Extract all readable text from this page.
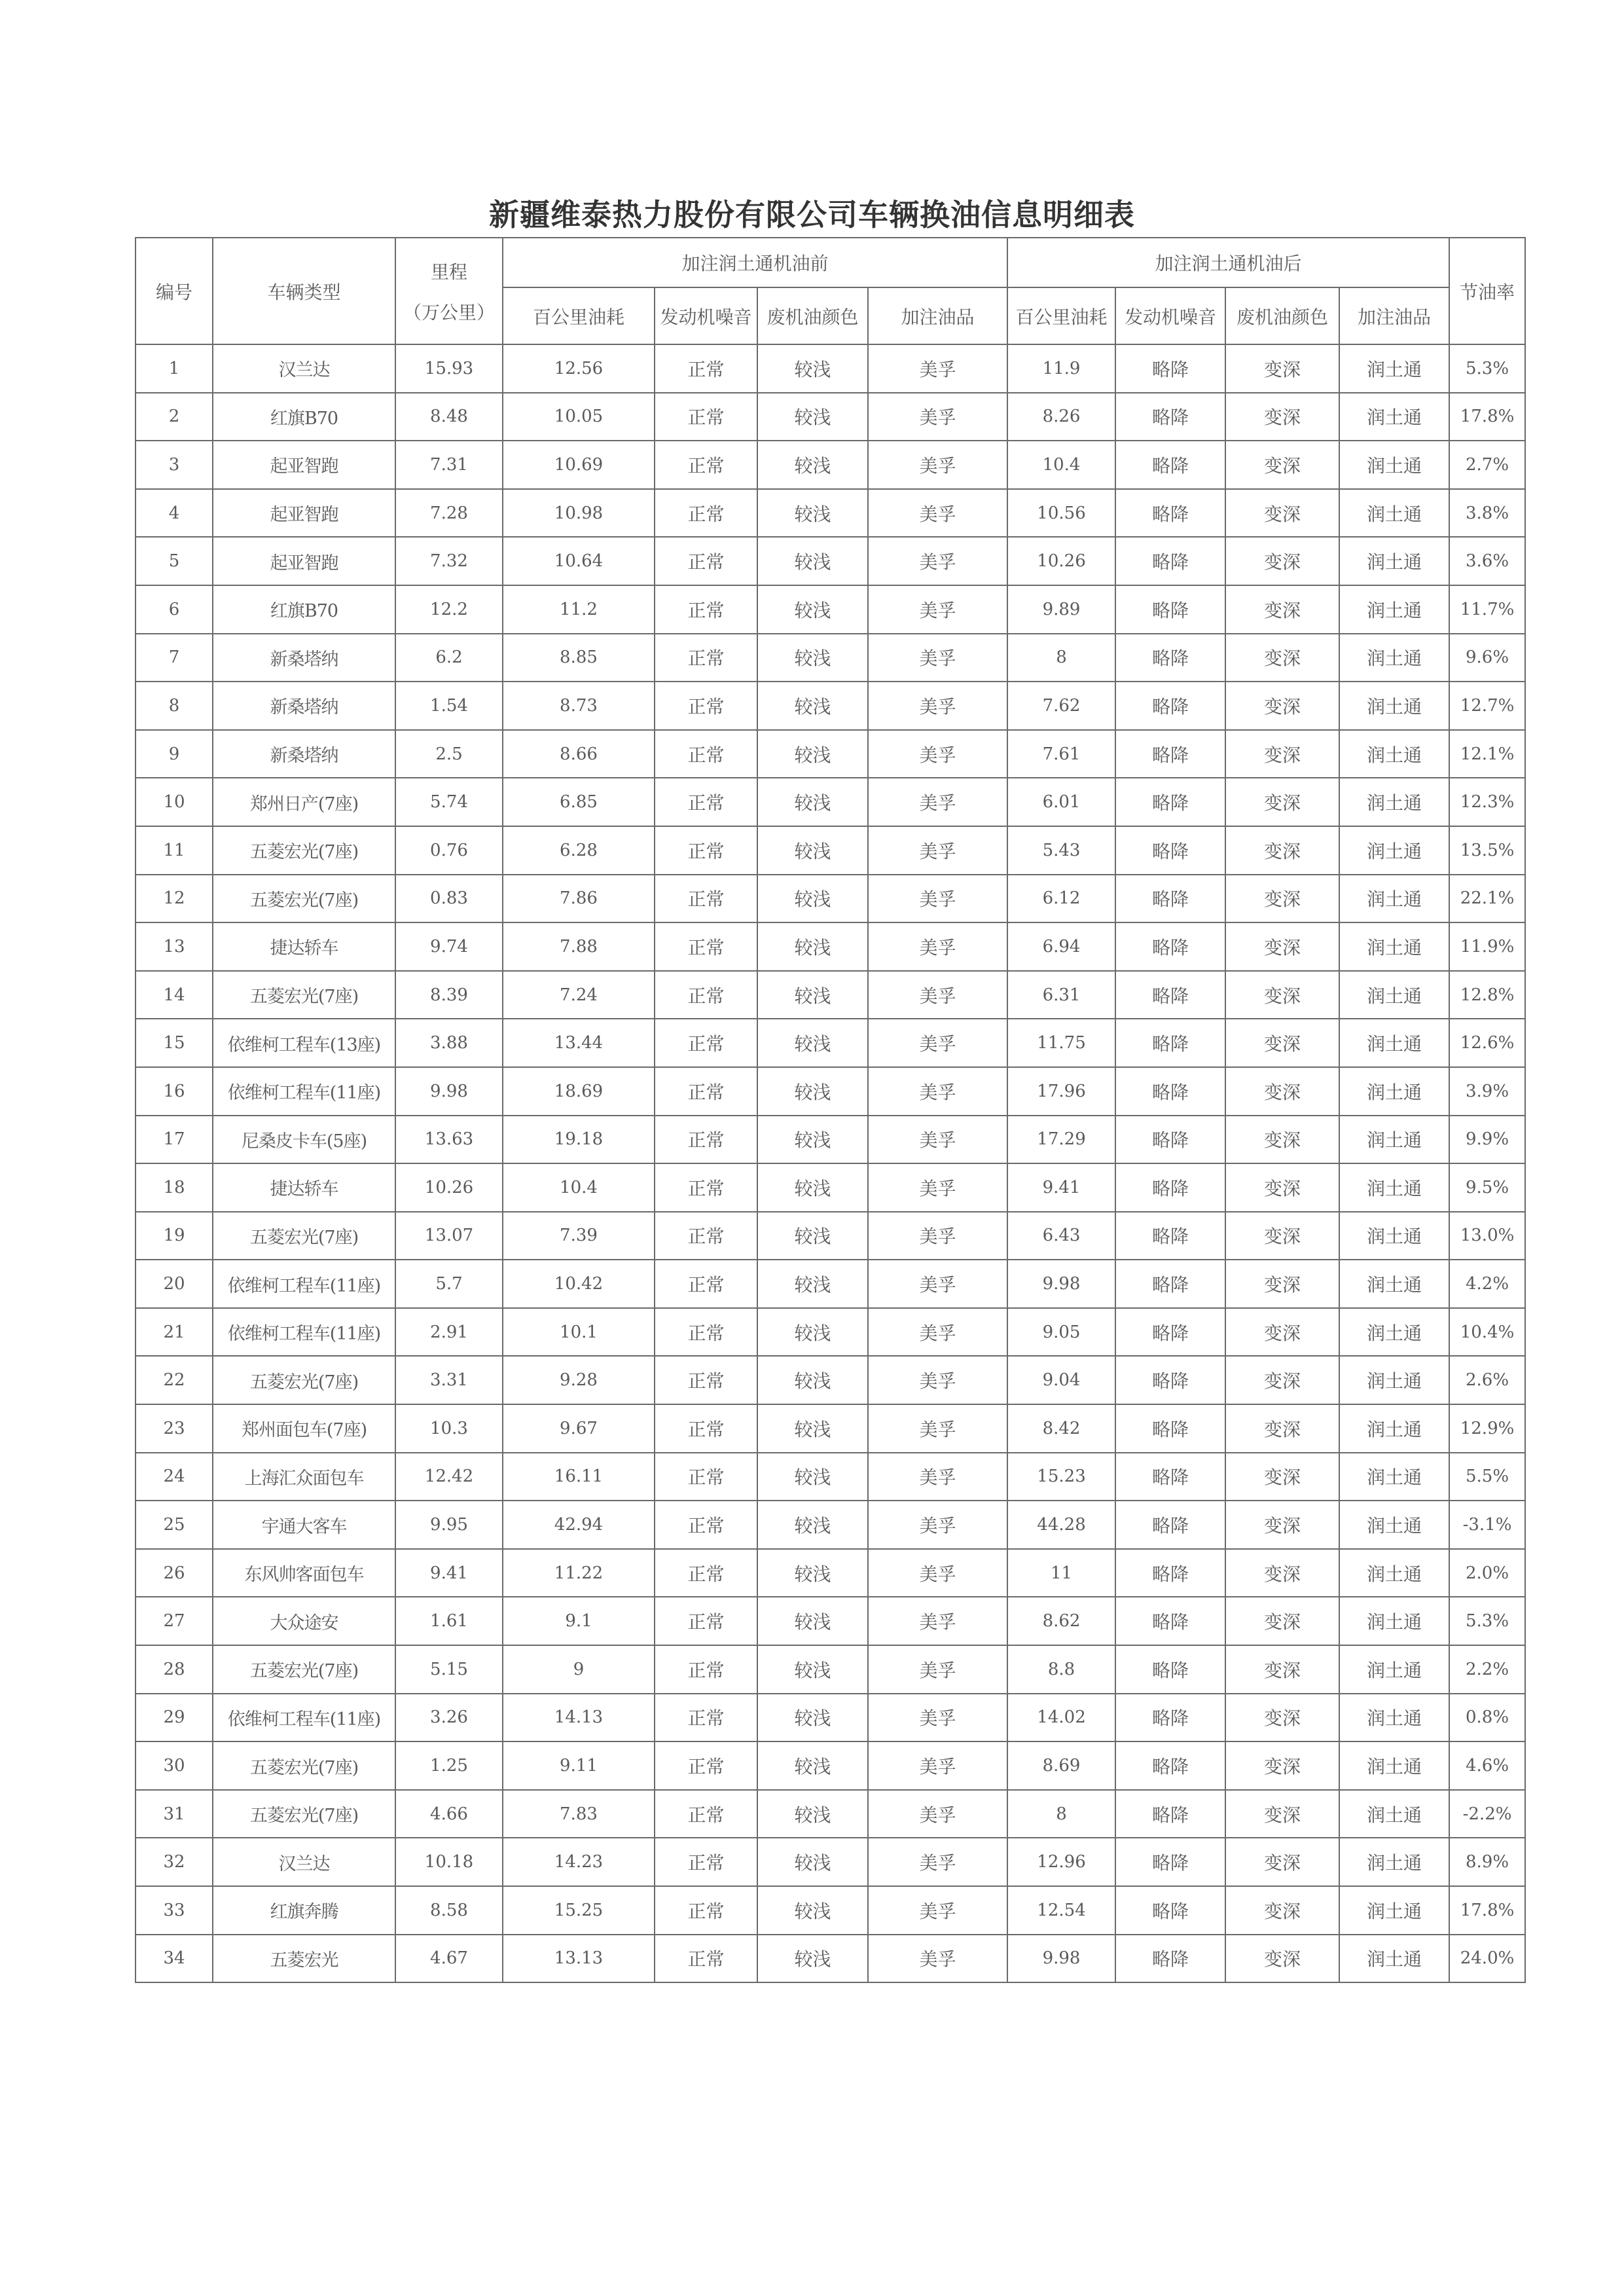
新疆维泰热力股份有限公司车辆换油信息明细表
编号	车辆类型	里程
（万公里）	加注润土通机油前				加注润土通机油后				节油率
			百公里油耗	发动机噪音	废机油颜色	加注油品	百公里油耗	发动机噪音	废机油颜色	加注油品	
1	汉兰达	15.93	12.56	正常	较浅	美孚	11.9	略降	变深	润土通	5.3%
2	红旗B70	8.48	10.05	正常	较浅	美孚	8.26	略降	变深	润土通	17.8%
3	起亚智跑	7.31	10.69	正常	较浅	美孚	10.4	略降	变深	润土通	2.7%
4	起亚智跑	7.28	10.98	正常	较浅	美孚	10.56	略降	变深	润土通	3.8%
5	起亚智跑	7.32	10.64	正常	较浅	美孚	10.26	略降	变深	润土通	3.6%
6	红旗B70	12.2	11.2	正常	较浅	美孚	9.89	略降	变深	润土通	11.7%
7	新桑塔纳	6.2	8.85	正常	较浅	美孚	8	略降	变深	润土通	9.6%
8	新桑塔纳	1.54	8.73	正常	较浅	美孚	7.62	略降	变深	润土通	12.7%
9	新桑塔纳	2.5	8.66	正常	较浅	美孚	7.61	略降	变深	润土通	12.1%
10	郑州日产(7座)	5.74	6.85	正常	较浅	美孚	6.01	略降	变深	润土通	12.3%
11	五菱宏光(7座)	0.76	6.28	正常	较浅	美孚	5.43	略降	变深	润土通	13.5%
12	五菱宏光(7座)	0.83	7.86	正常	较浅	美孚	6.12	略降	变深	润土通	22.1%
13	捷达轿车	9.74	7.88	正常	较浅	美孚	6.94	略降	变深	润土通	11.9%
14	五菱宏光(7座)	8.39	7.24	正常	较浅	美孚	6.31	略降	变深	润土通	12.8%
15	依维柯工程车(13座)	3.88	13.44	正常	较浅	美孚	11.75	略降	变深	润土通	12.6%
16	依维柯工程车(11座)	9.98	18.69	正常	较浅	美孚	17.96	略降	变深	润土通	3.9%
17	尼桑皮卡车(5座)	13.63	19.18	正常	较浅	美孚	17.29	略降	变深	润土通	9.9%
18	捷达轿车	10.26	10.4	正常	较浅	美孚	9.41	略降	变深	润土通	9.5%
19	五菱宏光(7座)	13.07	7.39	正常	较浅	美孚	6.43	略降	变深	润土通	13.0%
20	依维柯工程车(11座)	5.7	10.42	正常	较浅	美孚	9.98	略降	变深	润土通	4.2%
21	依维柯工程车(11座)	2.91	10.1	正常	较浅	美孚	9.05	略降	变深	润土通	10.4%
22	五菱宏光(7座)	3.31	9.28	正常	较浅	美孚	9.04	略降	变深	润土通	2.6%
23	郑州面包车(7座)	10.3	9.67	正常	较浅	美孚	8.42	略降	变深	润土通	12.9%
24	上海汇众面包车	12.42	16.11	正常	较浅	美孚	15.23	略降	变深	润土通	5.5%
25	宇通大客车	9.95	42.94	正常	较浅	美孚	44.28	略降	变深	润土通	-3.1%
26	东风帅客面包车	9.41	11.22	正常	较浅	美孚	11	略降	变深	润土通	2.0%
27	大众途安	1.61	9.1	正常	较浅	美孚	8.62	略降	变深	润土通	5.3%
28	五菱宏光(7座)	5.15	9	正常	较浅	美孚	8.8	略降	变深	润土通	2.2%
29	依维柯工程车(11座)	3.26	14.13	正常	较浅	美孚	14.02	略降	变深	润土通	0.8%
30	五菱宏光(7座)	1.25	9.11	正常	较浅	美孚	8.69	略降	变深	润土通	4.6%
31	五菱宏光(7座)	4.66	7.83	正常	较浅	美孚	8	略降	变深	润土通	-2.2%
32	汉兰达	10.18	14.23	正常	较浅	美孚	12.96	略降	变深	润土通	8.9%
33	红旗奔腾	8.58	15.25	正常	较浅	美孚	12.54	略降	变深	润土通	17.8%
34	五菱宏光	4.67	13.13	正常	较浅	美孚	9.98	略降	变深	润土通	24.0%
